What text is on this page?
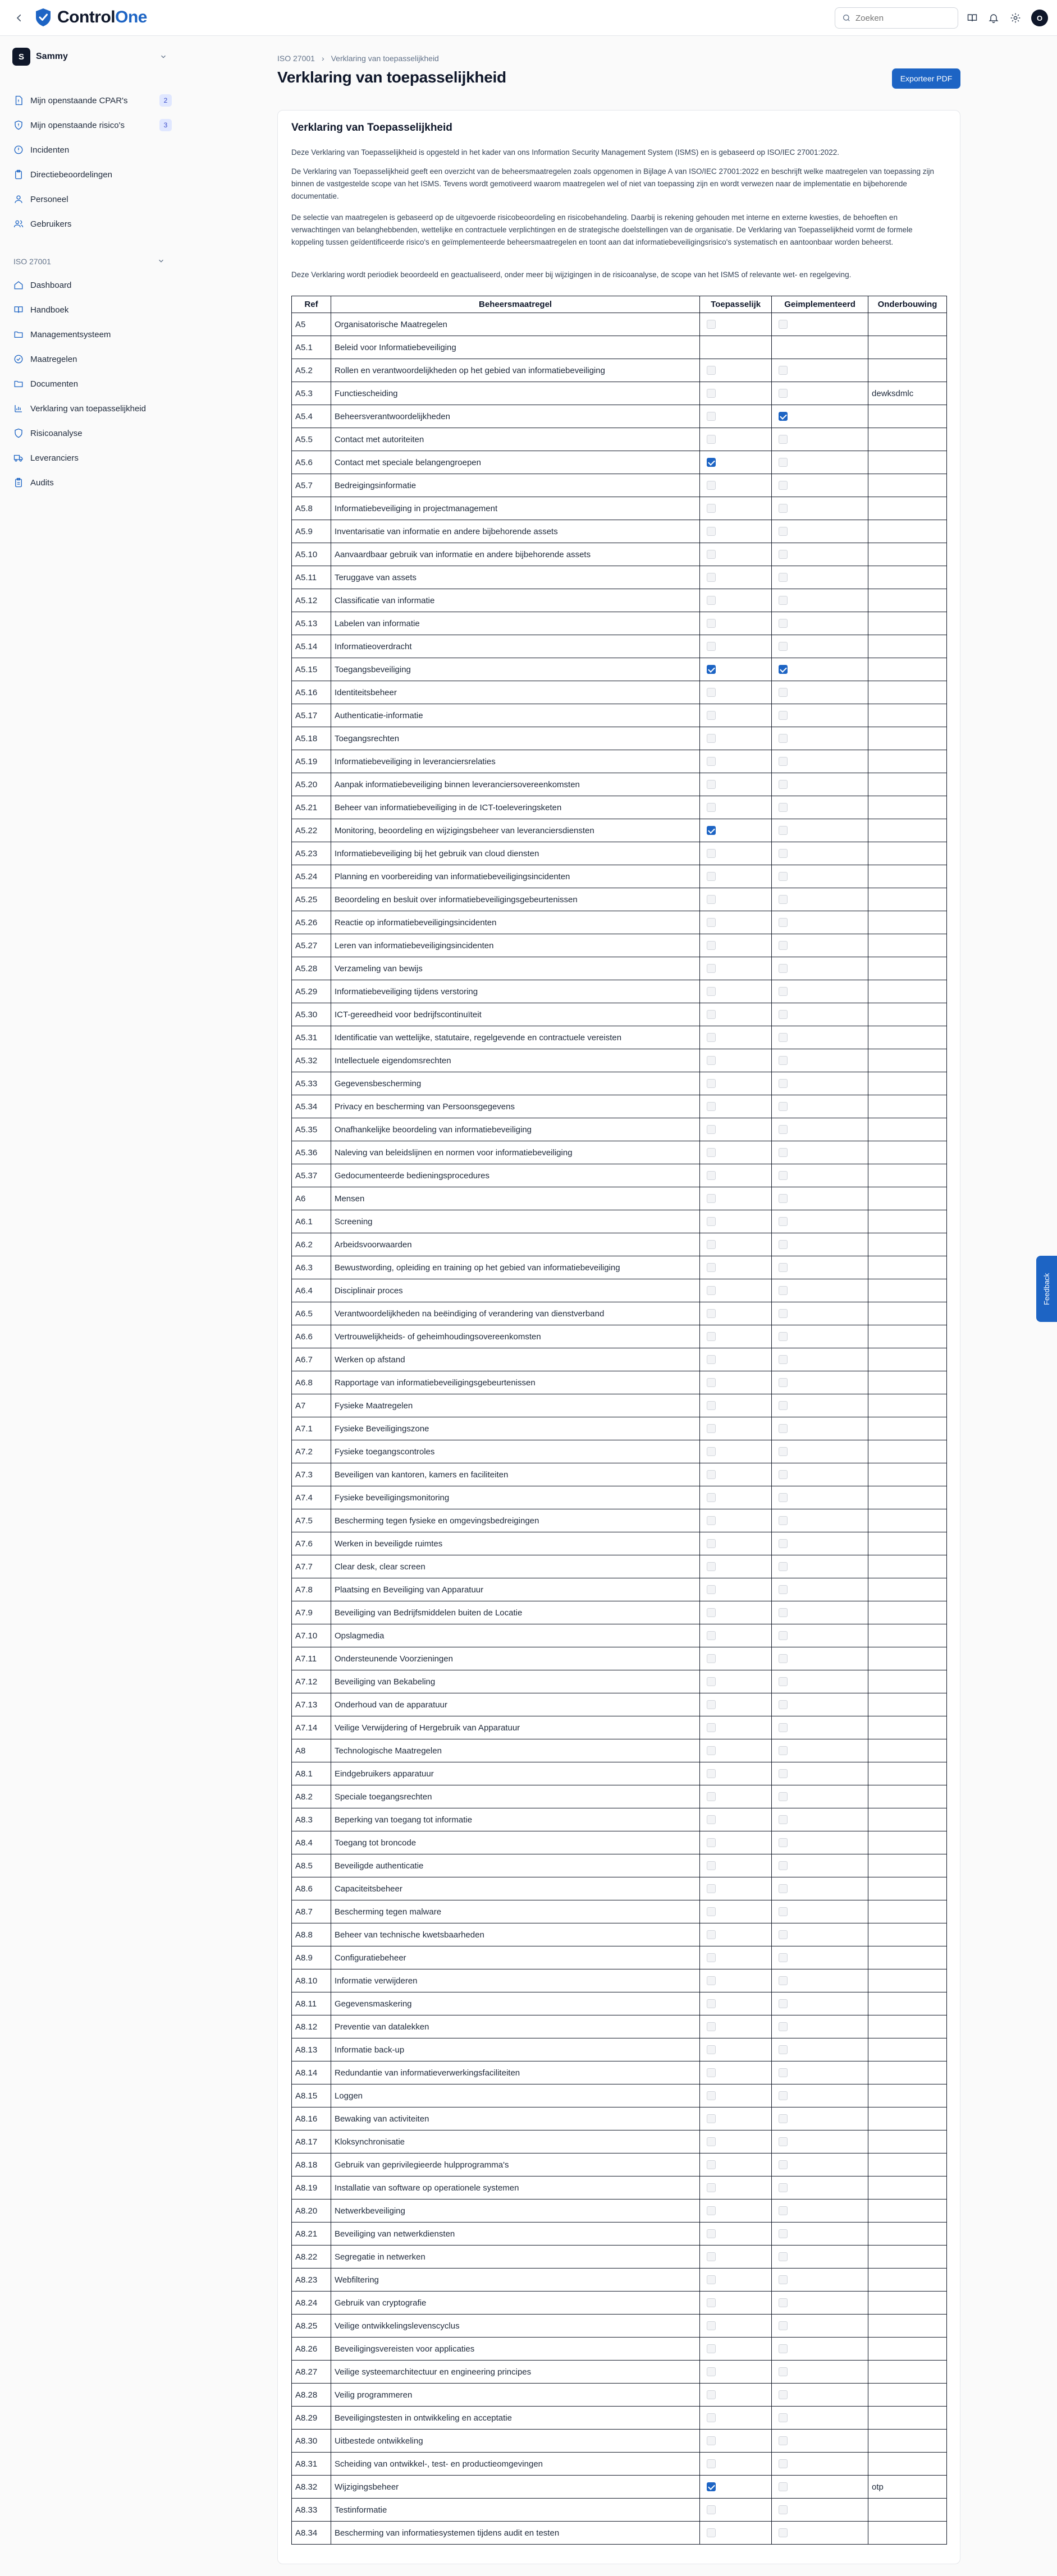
ControlOne
Zoeken	O
S	Sammy
Mijn openstaande CPAR's	2
Mijn openstaande risico's	3
Incidenten
Directiebeoordelingen
Personeel
Gebruikers
ISO 27001
Dashboard
Handboek
Managementsysteem
Maatregelen
Documenten
Verklaring van toepasselijkheid
Risicoanalyse
Leveranciers
Audits
ISO 27001 › Verklaring van toepasselijkheid
Verklaring van toepasselijkheid	Exporteer PDF
Verklaring van Toepasselijkheid

Deze Verklaring van Toepasselijkheid is opgesteld in het kader van ons Information Security Management System (ISMS) en is gebaseerd op ISO/IEC 27001:2022.

De Verklaring van Toepasselijkheid geeft een overzicht van de beheersmaatregelen zoals opgenomen in Bijlage A van ISO/IEC 27001:2022 en beschrijft welke maatregelen van toepassing zijn binnen de vastgestelde scope van het ISMS. Tevens wordt gemotiveerd waarom maatregelen wel of niet van toepassing zijn en wordt verwezen naar de implementatie en bijbehorende documentatie.

De selectie van maatregelen is gebaseerd op de uitgevoerde risicobeoordeling en risicobehandeling. Daarbij is rekening gehouden met interne en externe kwesties, de behoeften en verwachtingen van belanghebbenden, wettelijke en contractuele verplichtingen en de strategische doelstellingen van de organisatie. De Verklaring van Toepasselijkheid vormt de formele koppeling tussen geïdentificeerde risico's en geïmplementeerde beheersmaatregelen en toont aan dat informatiebeveiligingsrisico's systematisch en aantoonbaar worden beheerst.

Deze Verklaring wordt periodiek beoordeeld en geactualiseerd, onder meer bij wijzigingen in de risicoanalyse, de scope van het ISMS of relevante wet- en regelgeving.

Ref	Beheersmaatregel	Toepasselijk	Geimplementeerd	Onderbouwing
A5	Organisatorische Maatregelen	

A5.1	Beleid voor Informatiebeveiliging	

A5.2	Rollen en verantwoordelijkheden op het gebied van informatiebeveiliging	

A5.3	Functiescheiding			dewksdmlc
A5.4	Beheersverantwoordelijkheden	

A5.5	Contact met autoriteiten	

A5.6	Contact met speciale belangengroepen	

A5.7	Bedreigingsinformatie	

A5.8	Informatiebeveiliging in projectmanagement	

A5.9	Inventarisatie van informatie en andere bijbehorende assets	

A5.10	Aanvaardbaar gebruik van informatie en andere bijbehorende assets	

A5.11	Teruggave van assets	

A5.12	Classificatie van informatie	

A5.13	Labelen van informatie	

A5.14	Informatieoverdracht	

A5.15	Toegangsbeveiliging	

A5.16	Identiteitsbeheer	

A5.17	Authenticatie-informatie	

A5.18	Toegangsrechten	

A5.19	Informatiebeveiliging in leveranciersrelaties	

A5.20	Aanpak informatiebeveiliging binnen leveranciersovereenkomsten	

A5.21	Beheer van informatiebeveiliging in de ICT-toeleveringsketen	

A5.22	Monitoring, beoordeling en wijzigingsbeheer van leveranciersdiensten	

A5.23	Informatiebeveiliging bij het gebruik van cloud diensten	

A5.24	Planning en voorbereiding van informatiebeveiligingsincidenten	

A5.25	Beoordeling en besluit over informatiebeveiligingsgebeurtenissen	

A5.26	Reactie op informatiebeveiligingsincidenten	

A5.27	Leren van informatiebeveiligingsincidenten	

A5.28	Verzameling van bewijs	

A5.29	Informatiebeveiliging tijdens verstoring	

A5.30	ICT-gereedheid voor bedrijfscontinuïteit	

A5.31	Identificatie van wettelijke, statutaire, regelgevende en contractuele vereisten	

A5.32	Intellectuele eigendomsrechten	

A5.33	Gegevensbescherming	

A5.34	Privacy en bescherming van Persoonsgegevens	

A5.35	Onafhankelijke beoordeling van informatiebeveiliging	

A5.36	Naleving van beleidslijnen en normen voor informatiebeveiliging	

A5.37	Gedocumenteerde bedieningsprocedures	

A6	Mensen	

A6.1	Screening	

A6.2	Arbeidsvoorwaarden	

A6.3	Bewustwording, opleiding en training op het gebied van informatiebeveiliging	

A6.4	Disciplinair proces	

A6.5	Verantwoordelijkheden na beëindiging of verandering van dienstverband	

A6.6	Vertrouwelijkheids- of geheimhoudingsovereenkomsten	

A6.7	Werken op afstand	

A6.8	Rapportage van informatiebeveiligingsgebeurtenissen	

A7	Fysieke Maatregelen	

A7.1	Fysieke Beveiligingszone	

A7.2	Fysieke toegangscontroles	

A7.3	Beveiligen van kantoren, kamers en faciliteiten	

A7.4	Fysieke beveiligingsmonitoring	

A7.5	Bescherming tegen fysieke en omgevingsbedreigingen	

A7.6	Werken in beveiligde ruimtes	

A7.7	Clear desk, clear screen	

A7.8	Plaatsing en Beveiliging van Apparatuur	

A7.9	Beveiliging van Bedrijfsmiddelen buiten de Locatie	

A7.10	Opslagmedia	

A7.11	Ondersteunende Voorzieningen	

A7.12	Beveiliging van Bekabeling	

A7.13	Onderhoud van de apparatuur	

A7.14	Veilige Verwijdering of Hergebruik van Apparatuur	

A8	Technologische Maatregelen	

A8.1	Eindgebruikers apparatuur	

A8.2	Speciale toegangsrechten	

A8.3	Beperking van toegang tot informatie	

A8.4	Toegang tot broncode	

A8.5	Beveiligde authenticatie	

A8.6	Capaciteitsbeheer	

A8.7	Bescherming tegen malware	

A8.8	Beheer van technische kwetsbaarheden	

A8.9	Configuratiebeheer	

A8.10	Informatie verwijderen	

A8.11	Gegevensmaskering	

A8.12	Preventie van datalekken	

A8.13	Informatie back-up	

A8.14	Redundantie van informatieverwerkingsfaciliteiten	

A8.15	Loggen	

A8.16	Bewaking van activiteiten	

A8.17	Kloksynchronisatie	

A8.18	Gebruik van geprivilegieerde hulpprogramma's	

A8.19	Installatie van software op operationele systemen	

A8.20	Netwerkbeveiliging	

A8.21	Beveiliging van netwerkdiensten	

A8.22	Segregatie in netwerken	

A8.23	Webfiltering	

A8.24	Gebruik van cryptografie	

A8.25	Veilige ontwikkelingslevenscyclus	

A8.26	Beveiligingsvereisten voor applicaties	

A8.27	Veilige systeemarchitectuur en engineering principes	

A8.28	Veilig programmeren	

A8.29	Beveiligingstesten in ontwikkeling en acceptatie	

A8.30	Uitbestede ontwikkeling	

A8.31	Scheiding van ontwikkel-, test- en productieomgevingen	

A8.32	Wijzigingsbeheer			otp
A8.33	Testinformatie	

A8.34	Bescherming van informatiesystemen tijdens audit en testen	

Feedback
